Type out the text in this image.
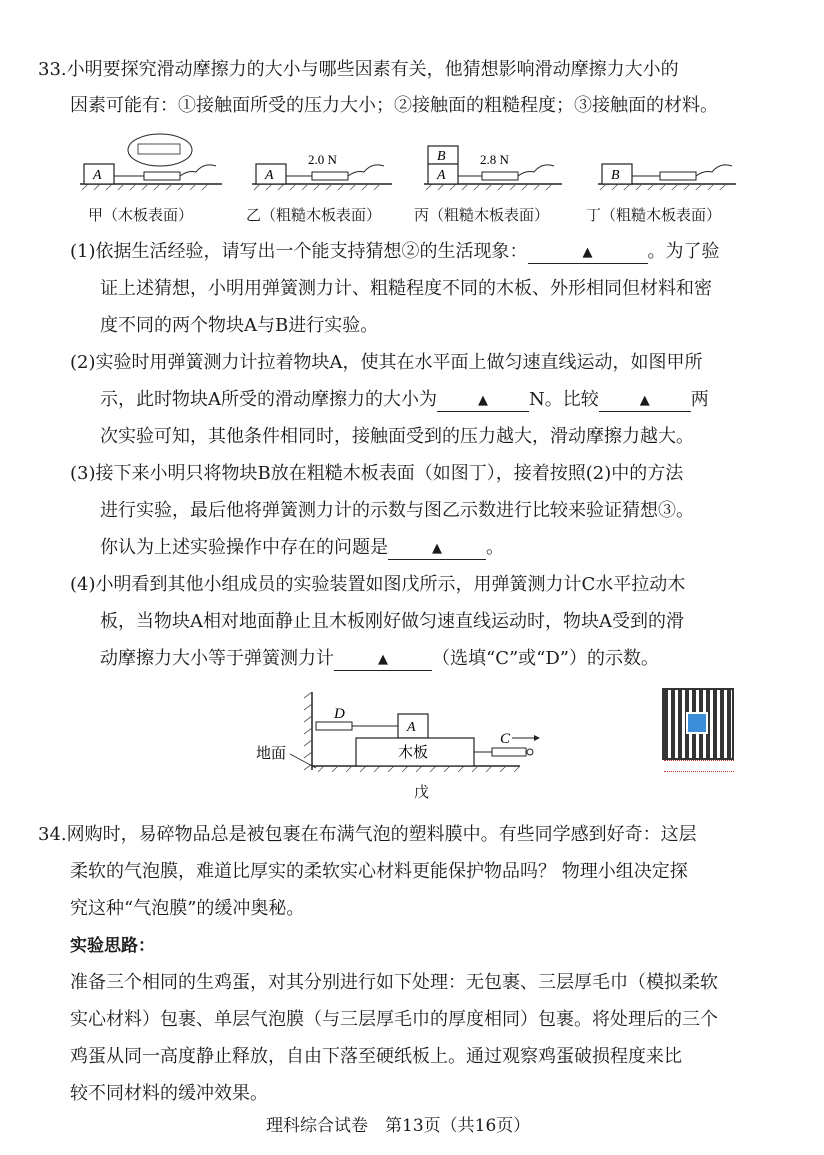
33.小明要探究滑动摩擦力的大小与哪些因素有关，他猜想影响滑动摩擦力大小的
因素可能有：①接触面所受的压力大小；②接触面的粗糙程度；③接触面的材料。
A	A
2.0 N	B
A
2.8 N
B
甲（木板表面）	乙（粗糙木板表面） 丙（粗糙木板表面） 丁（粗糙木板表面）
(1)依据生活经验，请写出一个能支持猜想②的生活现象：	▲	。为了验
证上述猜想，小明用弹簧测力计、粗糙程度不同的木板、外形相同但材料和密
度不同的两个物块A与B进行实验。
(2)实验时用弹簧测力计拉着物块A，使其在水平面上做匀速直线运动，如图甲所
示，此时物块A所受的滑动摩擦力的大小为	▲ N。比较	▲ 两
次实验可知，其他条件相同时，接触面受到的压力越大，滑动摩擦力越大。
(3)接下来小明只将物块B放在粗糙木板表面（如图丁），接着按照(2)中的方法
进行实验，最后他将弹簧测力计的示数与图乙示数进行比较来验证猜想③。
你认为上述实验操作中存在的问题是	▲ 。
(4)小明看到其他小组成员的实验装置如图戊所示，用弹簧测力计C水平拉动木
板，当物块A相对地面静止且木板刚好做匀速直线运动时，物块A受到的滑
动摩擦力大小等于弹簧测力计	▲ （选填“C”或“D”）的示数。
D
A
木板
C
地面
戊
34.网购时，易碎物品总是被包裹在布满气泡的塑料膜中。有些同学感到好奇：这层
柔软的气泡膜，难道比厚实的柔软实心材料更能保护物品吗？ 物理小组决定探
究这种“气泡膜”的缓冲奥秘。
实验思路：
准备三个相同的生鸡蛋，对其分别进行如下处理：无包裹、三层厚毛巾（模拟柔软
实心材料）包裹、单层气泡膜（与三层厚毛巾的厚度相同）包裹。将处理后的三个
鸡蛋从同一高度静止释放，自由下落至硬纸板上。通过观察鸡蛋破损程度来比
较不同材料的缓冲效果。
理科综合试卷　第13页（共16页）
